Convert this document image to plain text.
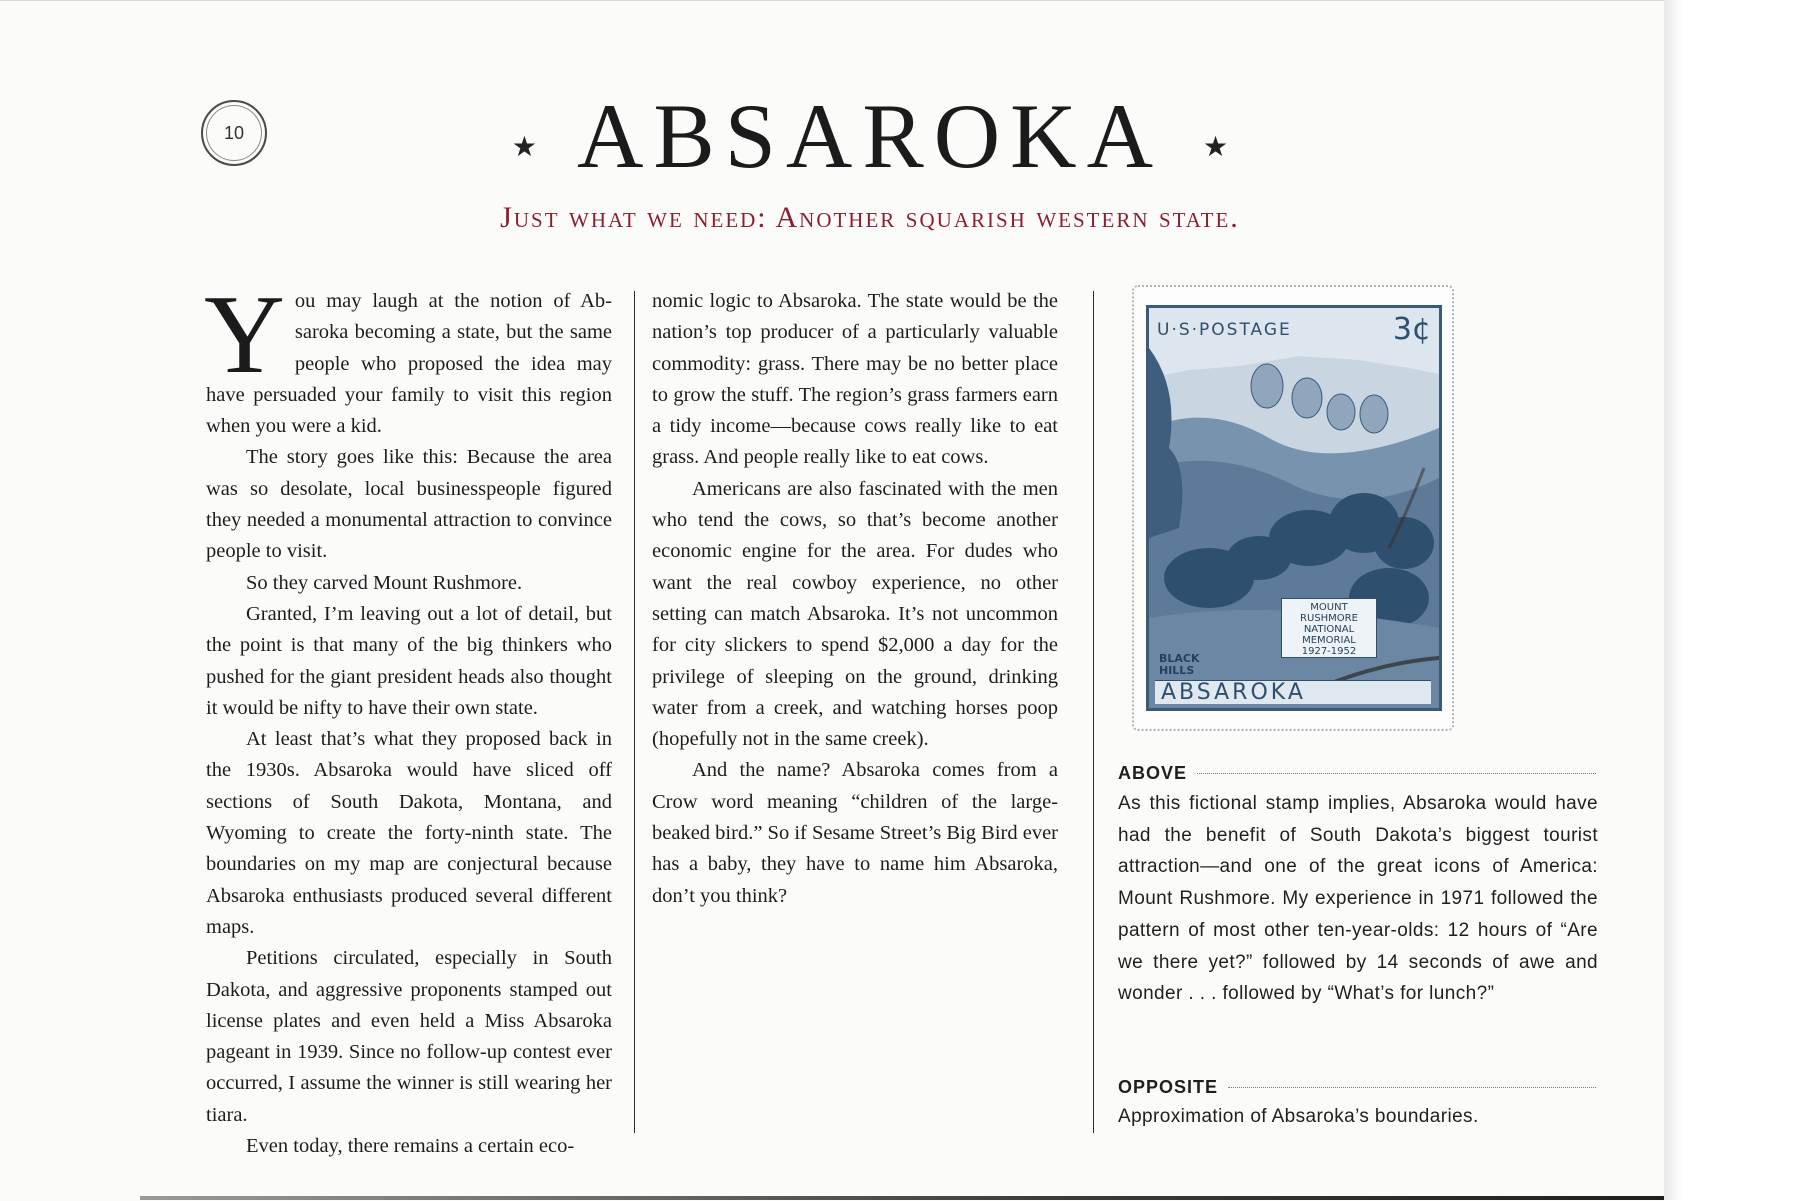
10	★ ABSAROKA ★
Just what we need: Another squarish western state.

You may laugh at the notion of Absaroka becoming a state, but the same people who proposed the idea may have persuaded your family to visit this region when you were a kid.

The story goes like this: Because the area was so desolate, local businesspeople figured they needed a monumental attraction to convince people to visit.

So they carved Mount Rushmore.

Granted, I’m leaving out a lot of detail, but the point is that many of the big thinkers who pushed for the giant president heads also thought it would be nifty to have their own state.

At least that’s what they proposed back in the 1930s. Absaroka would have sliced off sections of South Dakota, Montana, and Wyoming to create the forty-ninth state. The boundaries on my map are conjectural because Absaroka enthusiasts produced several different maps.

Petitions circulated, especially in South Dakota, and aggressive proponents stamped out license plates and even held a Miss Absaroka pageant in 1939. Since no follow-up contest ever occurred, I assume the winner is still wearing her tiara.

Even today, there remains a certain eco-

nomic logic to Absaroka. The state would be the nation’s top producer of a particularly valuable commodity: grass. There may be no better place to grow the stuff. The region’s grass farmers earn a tidy income—because cows really like to eat grass. And people really like to eat cows.

Americans are also fascinated with the men who tend the cows, so that’s become another economic engine for the area. For dudes who want the real cowboy experience, no other setting can match Absaroka. It’s not uncommon for city slickers to spend $2,000 a day for the privilege of sleeping on the ground, drinking water from a creek, and watching horses poop (hopefully not in the same creek).

And the name? Absaroka comes from a Crow word meaning “children of the large-beaked bird.” So if Sesame Street’s Big Bird ever has a baby, they have to name him Absaroka, don’t you think?

U·S·POSTAGE	3¢
MOUNT
RUSHMORE
NATIONAL
MEMORIAL
1927-1952
BLACK
HILLS
ABSAROKA
ABOVE
As this fictional stamp implies, Absaroka would have had the benefit of South Dakota’s biggest tourist attraction—and one of the great icons of America: Mount Rushmore. My experience in 1971 followed the pattern of most other ten-year-olds: 12 hours of “Are we there yet?” followed by 14 seconds of awe and wonder . . . followed by “What’s for lunch?”
OPPOSITE
Approximation of Absaroka’s boundaries.
